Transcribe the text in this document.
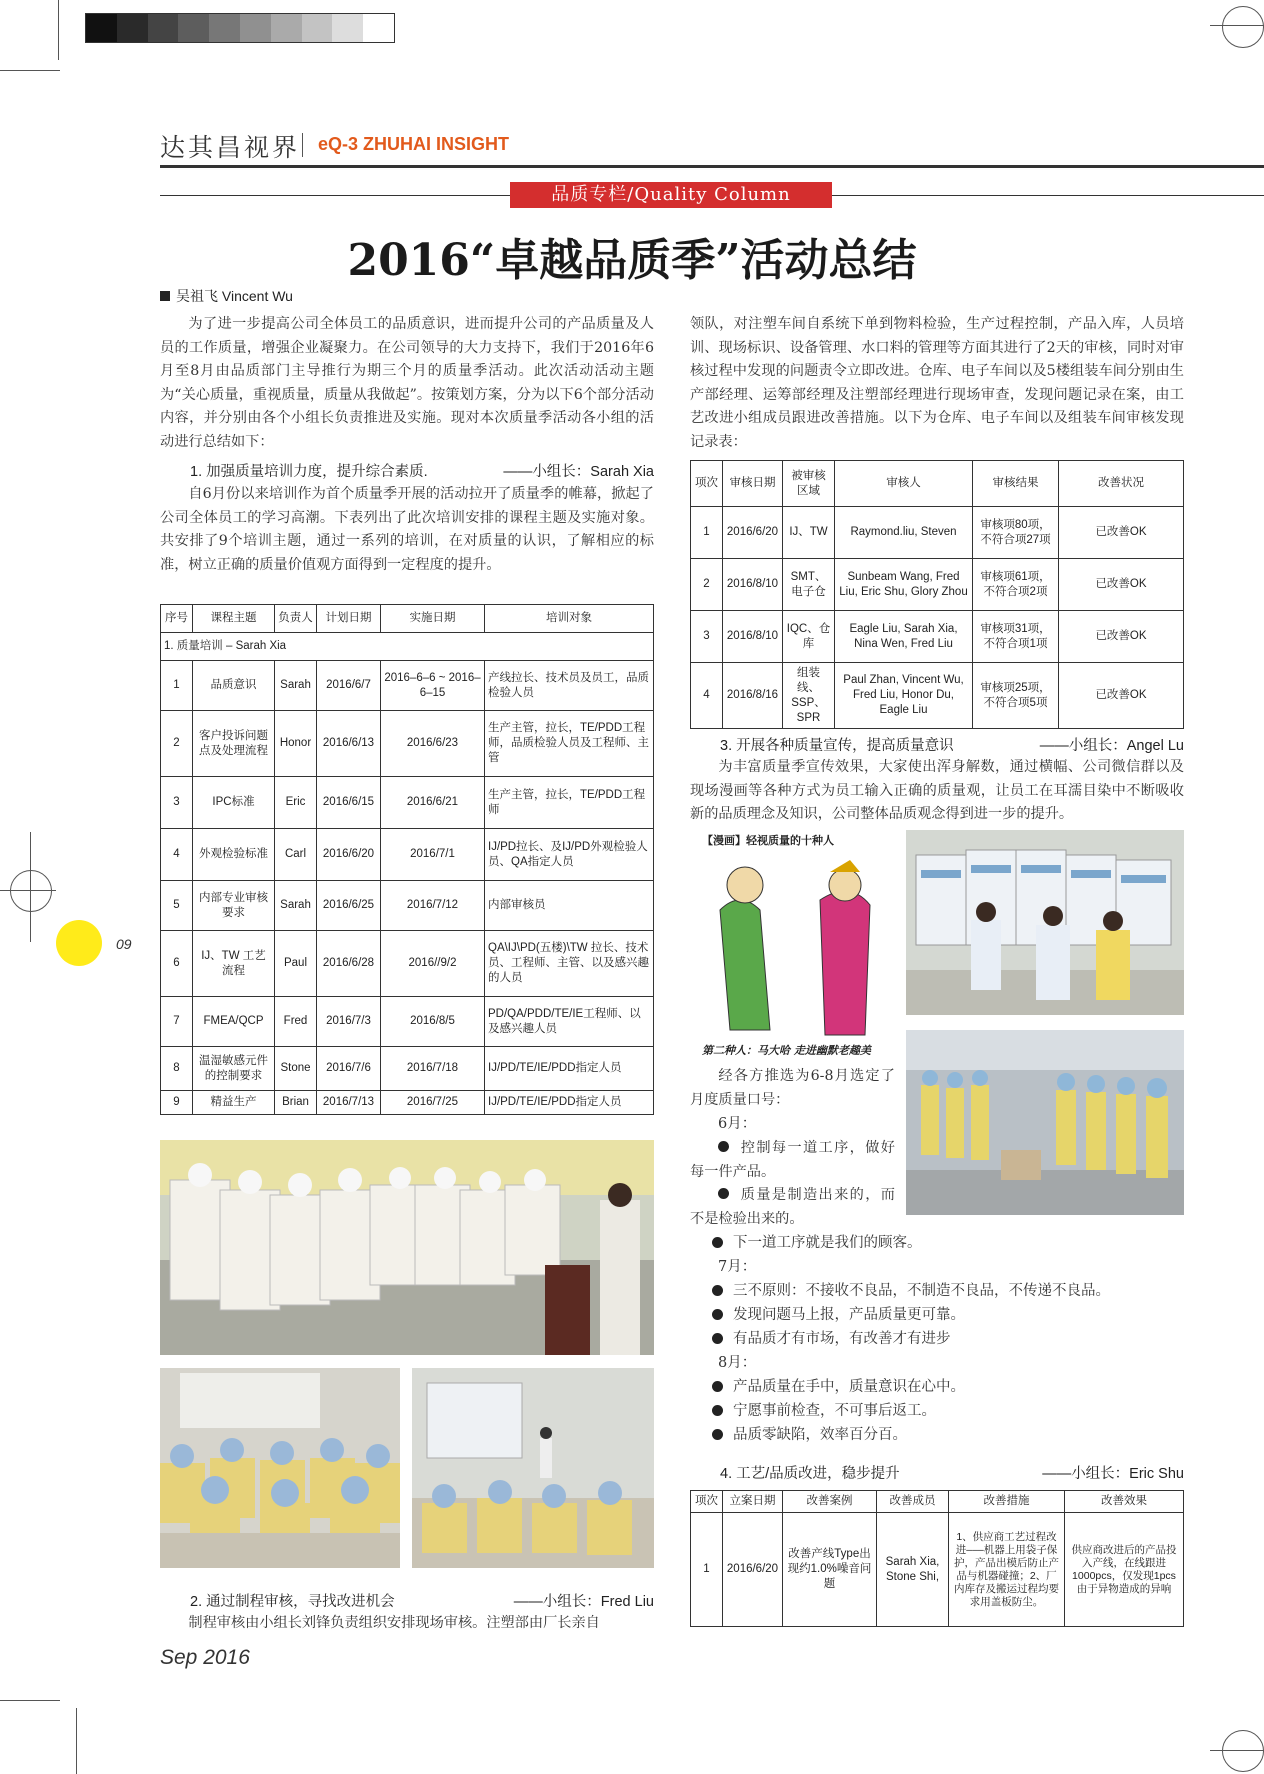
达其昌视界 eQ-3 ZHUHAI INSIGHT
品质专栏/Quality Column
2016“卓越品质季”活动总结
吴祖飞 Vincent Wu

为了进一步提高公司全体员工的品质意识，进而提升公司的产品质量及人员的工作质量，增强企业凝聚力。在公司领导的大力支持下，我们于2016年6月至8月由品质部门主导推行为期三个月的质量季活动。此次活动活动主题为“关心质量，重视质量，质量从我做起”。按策划方案，分为以下6个部分活动内容，并分别由各个小组长负责推进及实施。现对本次质量季活动各小组的活动进行总结如下：

1. 加强质量培训力度，提升综合素质.	——小组长：Sarah Xia

自6月份以来培训作为首个质量季开展的活动拉开了质量季的帷幕，掀起了公司全体员工的学习高潮。下表列出了此次培训安排的课程主题及实施对象。共安排了9个培训主题，通过一系列的培训，在对质量的认识，了解相应的标准，树立正确的质量价值观方面得到一定程度的提升。

序号	课程主题	负责人	计划日期	实施日期	培训对象
1. 质量培训 – Sarah Xia					
1	品质意识	Sarah	2016/6/7	2016–6–6 ~ 2016–6–15	产线拉长、技术员及员工，品质检验人员
2	客户投诉问题点及处理流程	Honor	2016/6/13	2016/6/23	生产主管，拉长，TE/PDD工程师，品质检验人员及工程师、主管
3	IPC标准	Eric	2016/6/15	2016/6/21	生产主管，拉长，TE/PDD工程师
4	外观检验标准	Carl	2016/6/20	2016/7/1	IJ/PD拉长、及IJ/PD外观检验人员、QA指定人员
5	内部专业审核要求	Sarah	2016/6/25	2016/7/12	内部审核员
6	IJ、TW 工艺流程	Paul	2016/6/28	2016//9/2	QA\IJ\PD(五楼)\TW 拉长、技术员、工程师、主管、以及感兴趣的人员
7	FMEA/QCP	Fred	2016/7/3	2016/8/5	PD/QA/PDD/TE/IE工程师、以及感兴趣人员
8	温湿敏感元件的控制要求	Stone	2016/7/6	2016/7/18	IJ/PD/TE/IE/PDD指定人员
9	精益生产	Brian	2016/7/13	2016/7/25	IJ/PD/TE/IE/PDD指定人员
2. 通过制程审核，寻找改进机会	——小组长：Fred Liu

制程审核由小组长刘锋负责组织安排现场审核。注塑部由厂长亲自

领队，对注塑车间自系统下单到物料检验，生产过程控制，产品入库，人员培训、现场标识、设备管理、水口料的管理等方面其进行了2天的审核，同时对审核过程中发现的问题责令立即改进。仓库、电子车间以及5楼组装车间分别由生产部经理、运筹部经理及注塑部经理进行现场审查，发现问题记录在案，由工艺改进小组成员跟进改善措施。以下为仓库、电子车间以及组装车间审核发现记录表：

项次	审核日期	被审核区域	审核人	审核结果	改善状况
1	2016/6/20	IJ、TW	Raymond.liu, Steven	审核项80项，不符合项27项	已改善OK
2	2016/8/10	SMT、电子仓	Sunbeam Wang, Fred Liu, Eric Shu, Glory Zhou	审核项61项，不符合项2项	已改善OK
3	2016/8/10	IQC、仓库	Eagle Liu, Sarah Xia, Nina Wen, Fred Liu	审核项31项，不符合项1项	已改善OK
4	2016/8/16	组装线、SSP、SPR	Paul Zhan, Vincent Wu, Fred Liu, Honor Du, Eagle Liu	审核项25项，不符合项5项	已改善OK
3. 开展各种质量宣传，提高质量意识	——小组长：Angel Lu

为丰富质量季宣传效果，大家使出浑身解数，通过横幅、公司微信群以及现场漫画等各种方式为员工输入正确的质量观，让员工在耳濡目染中不断吸收新的品质理念及知识，公司整体品质观念得到进一步的提升。

【漫画】轻视质量的十种人
第二种人：马大哈 走进幽默老趣美

经各方推选为6-8月选定了月度质量口号：

6月：

控制每一道工序，做好每一件产品。

质量是制造出来的，而不是检验出来的。

下一道工序就是我们的顾客。
7月：
三不原则：不接收不良品，不制造不良品，不传递不良品。
发现问题马上报，产品质量更可靠。
有品质才有市场，有改善才有进步
8月：
产品质量在手中，质量意识在心中。
宁愿事前检查，不可事后返工。
品质零缺陷，效率百分百。
4. 工艺/品质改进，稳步提升	——小组长：Eric Shu
项次	立案日期	改善案例	改善成员	改善措施	改善效果
1	2016/6/20	改善产线Type出现约1.0%噪音问题	Sarah Xia, Stone Shi,	1、供应商工艺过程改进–––机器上用袋子保护，产品出模后防止产品与机器碰撞；2、厂内库存及搬运过程均要求用盖板防尘。	供应商改进后的产品投入产线，在线跟进1000pcs，仅发现1pcs由于异物造成的异响
09
Sep 2016
